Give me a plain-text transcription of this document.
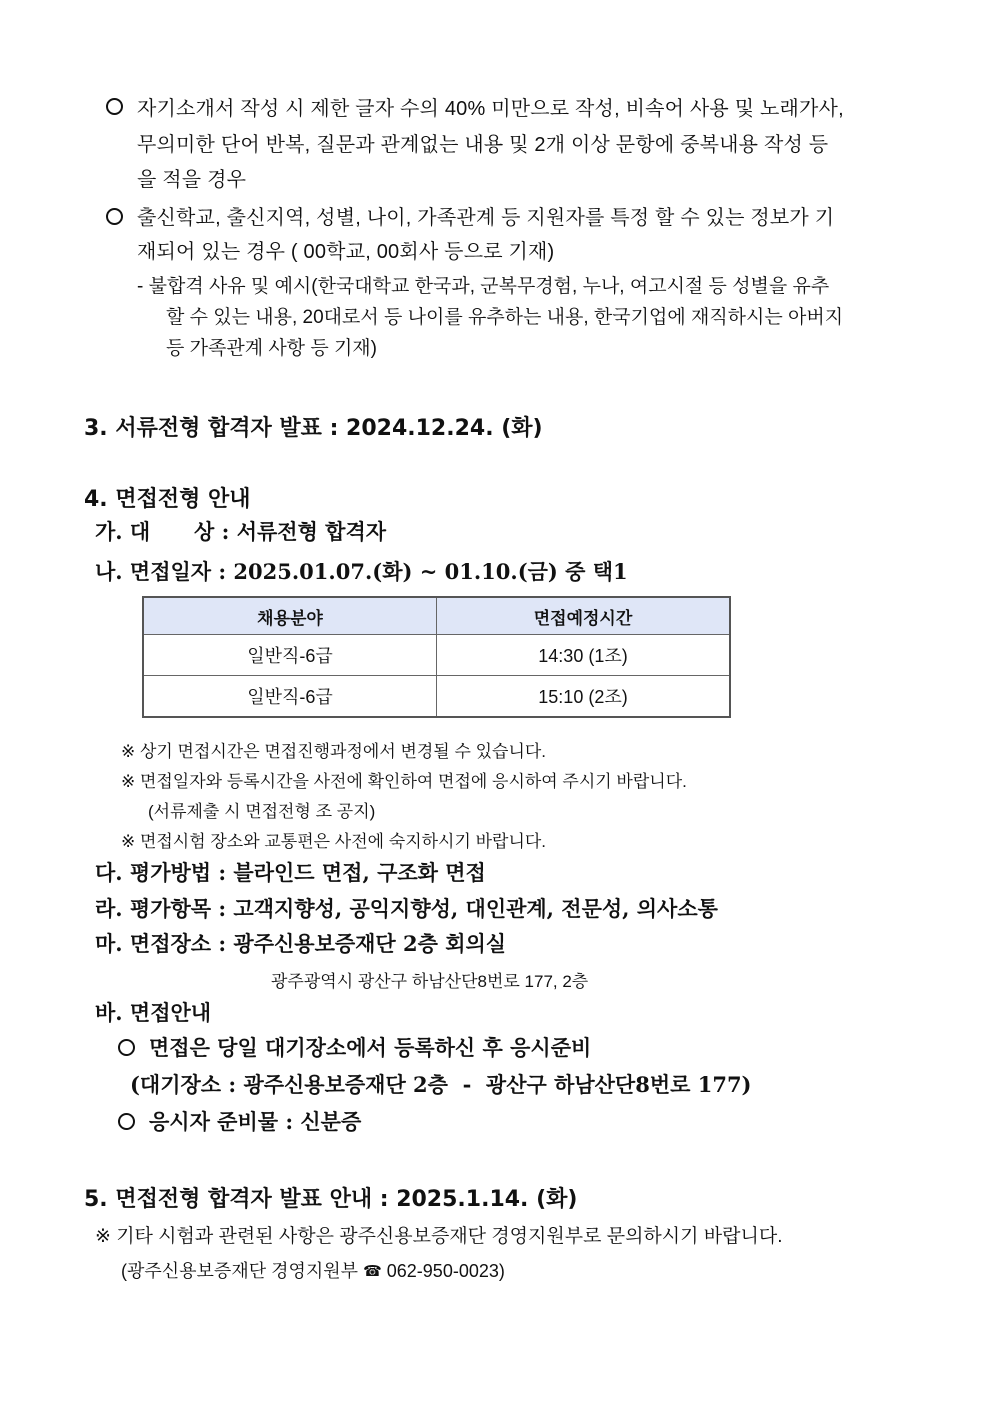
자기소개서 작성 시 제한 글자 수의 40% 미만으로 작성, 비속어 사용 및 노래가사,
무의미한 단어 반복, 질문과 관계없는 내용 및 2개 이상 문항에 중복내용 작성 등
을 적을 경우
출신학교, 출신지역, 성별, 나이, 가족관계 등 지원자를 특정 할 수 있는 정보가 기
재되어 있는 경우 ( 00학교, 00회사 등으로 기재)
- 불합격 사유 및 예시(한국대학교 한국과, 군복무경험, 누나, 여고시절 등 성별을 유추
할 수 있는 내용, 20대로서 등 나이를 유추하는 내용, 한국기업에 재직하시는 아버지
등 가족관계 사항 등 기재)
3. 서류전형 합격자 발표 : 2024.12.24. (화)
4. 면접전형 안내
가. 대      상 : 서류전형 합격자
나. 면접일자 : 2025.01.07.(화) ~ 01.10.(금) 중 택1
채용분야	면접예정시간
일반직-6급	14:30 (1조)
일반직-6급	15:10 (2조)
※ 상기 면접시간은 면접진행과정에서 변경될 수 있습니다.
※ 면접일자와 등록시간을 사전에 확인하여 면접에 응시하여 주시기 바랍니다.
(서류제출 시 면접전형 조 공지)
※ 면접시험 장소와 교통편은 사전에 숙지하시기 바랍니다.
다. 평가방법 : 블라인드 면접, 구조화 면접
라. 평가항목 : 고객지향성, 공익지향성, 대인관계, 전문성, 의사소통
마. 면접장소 : 광주신용보증재단 2층 회의실
광주광역시 광산구 하남산단8번로 177, 2층
바. 면접안내
면접은 당일 대기장소에서 등록하신 후 응시준비
(대기장소 : 광주신용보증재단 2층  -  광산구 하남산단8번로 177)
응시자 준비물 : 신분증
5. 면접전형 합격자 발표 안내 : 2025.1.14. (화)
※ 기타 시험과 관련된 사항은 광주신용보증재단 경영지원부로 문의하시기 바랍니다.
(광주신용보증재단 경영지원부 ☎ 062-950-0023)
